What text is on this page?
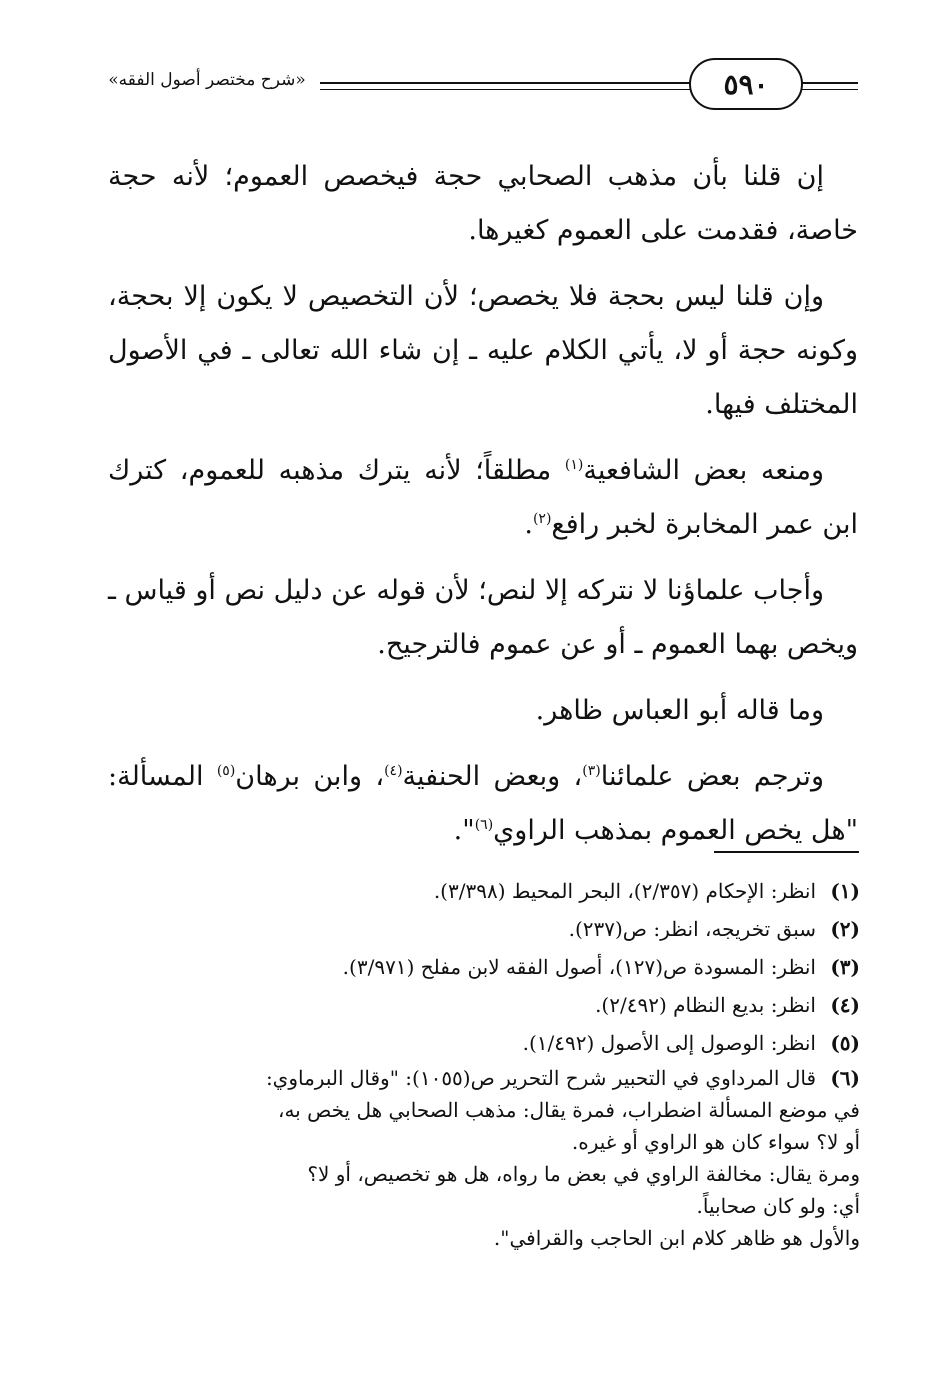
«شرح مختصر أصول الفقه»	٥٩٠

إن قلنا بأن مذهب الصحابي حجة فيخصص العموم؛ لأنه حجة خاصة، فقدمت على العموم كغيرها.

وإن قلنا ليس بحجة فلا يخصص؛ لأن التخصيص لا يكون إلا بحجة، وكونه حجة أو لا، يأتي الكلام عليه ـ إن شاء الله تعالى ـ في الأصول المختلف فيها.

ومنعه بعض الشافعية$^{(١)}$ مطلقاً؛ لأنه يترك مذهبه للعموم، كترك ابن عمر المخابرة لخبر رافع$^{(٢)}$.

وأجاب علماؤنا لا نتركه إلا لنص؛ لأن قوله عن دليل نص أو قياس ـ ويخص بهما العموم ـ أو عن عموم فالترجيح.

وما قاله أبو العباس ظاهر.

وترجم بعض علمائنا$^{(٣)}$، وبعض الحنفية$^{(٤)}$، وابن برهان$^{(٥)}$ المسألة: "هل يخص العموم بمذهب الراوي$^{(٦)}$".

(١)
انظر: الإحكام (٢/٣٥٧)، البحر المحيط (٣/٣٩٨).
(٢)
سبق تخريجه، انظر: ص(٢٣٧).
(٣)
انظر: المسودة ص(١٢٧)، أصول الفقه لابن مفلح (٣/٩٧١).
(٤)
انظر: بديع النظام (٢/٤٩٢).
(٥)
انظر: الوصول إلى الأصول (١/٤٩٢).
(٦)
قال المرداوي في التحبير شرح التحرير ص(١٠٥٥): "وقال البرماوي:
في موضع المسألة اضطراب، فمرة يقال: مذهب الصحابي هل يخص به،
أو لا؟ سواء كان هو الراوي أو غيره.
ومرة يقال: مخالفة الراوي في بعض ما رواه، هل هو تخصيص، أو لا؟
أي: ولو كان صحابياً.
والأول هو ظاهر كلام ابن الحاجب والقرافي".
